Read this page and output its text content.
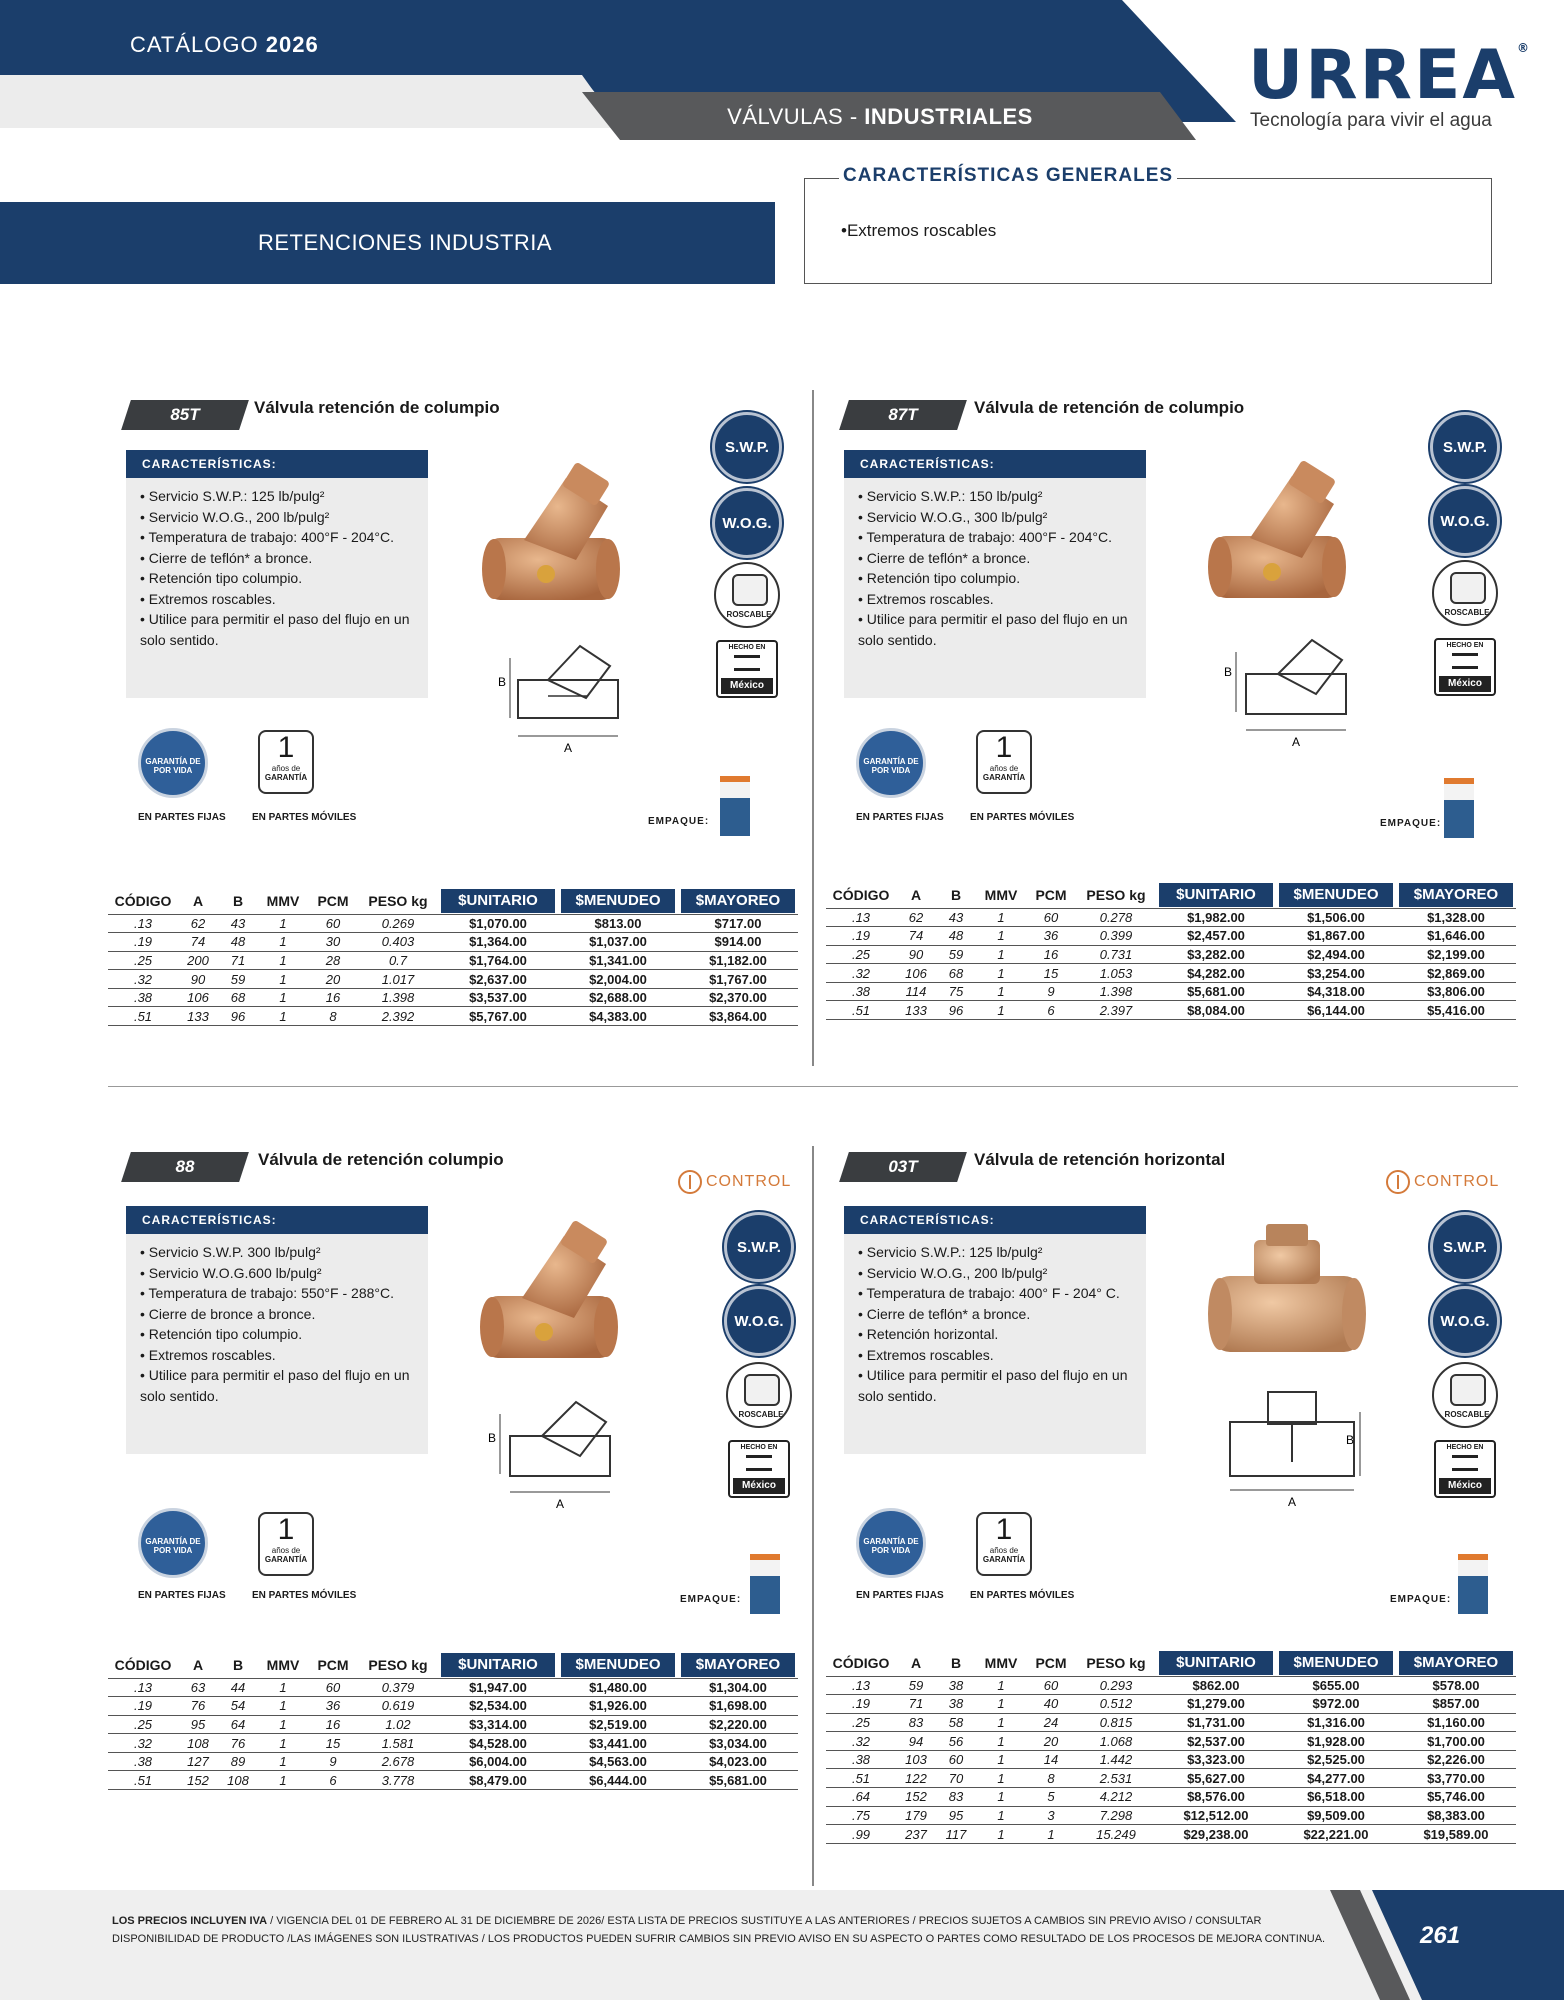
CATÁLOGO 2026
VÁLVULAS - INDUSTRIALES
URREA®
Tecnología para vivir el agua
RETENCIONES INDUSTRIA
CARACTERÍSTICAS GENERALES
•Extremos roscables
85T	Válvula retención de columpio
CARACTERÍSTICAS:
• Servicio S.W.P.: 125 lb/pulg²
• Servicio W.O.G., 200 lb/pulg²
• Temperatura de trabajo: 400°F - 204°C.
• Cierre de teflón* a bronce.
• Retención tipo columpio.
• Extremos roscables.
• Utilice para permitir el paso del flujo en un solo sentido.
B
A
S.W.P.
W.O.G.
ROSCABLE
HECHO EN
México
GARANTÍA DE POR VIDA
EN PARTES FIJAS
1
años de
GARANTÍA
EN PARTES MÓVILES	EMPAQUE:
CÓDIGO	A	B	MMV	PCM	PESO kg	$UNITARIO	$MENUDEO	$MAYOREO

.13	62	43	1	60	0.269	$1,070.00	$813.00	$717.00
.19	74	48	1	30	0.403	$1,364.00	$1,037.00	$914.00
.25	200	71	1	28	0.7	$1,764.00	$1,341.00	$1,182.00
.32	90	59	1	20	1.017	$2,637.00	$2,004.00	$1,767.00
.38	106	68	1	16	1.398	$3,537.00	$2,688.00	$2,370.00
.51	133	96	1	8	2.392	$5,767.00	$4,383.00	$3,864.00
87T	Válvula de retención de columpio
CARACTERÍSTICAS:
• Servicio S.W.P.: 150 lb/pulg²
• Servicio W.O.G., 300 lb/pulg²
• Temperatura de trabajo: 400°F - 204°C.
• Cierre de teflón* a bronce.
• Retención tipo columpio.
• Extremos roscables.
• Utilice para permitir el paso del flujo en un solo sentido.
B
A
S.W.P.
W.O.G.
ROSCABLE
HECHO EN
México
GARANTÍA DE POR VIDA
EN PARTES FIJAS
1
años de
GARANTÍA
EN PARTES MÓVILES
EMPAQUE:
CÓDIGO	A	B	MMV	PCM	PESO kg	$UNITARIO	$MENUDEO	$MAYOREO

.13	62	43	1	60	0.278	$1,982.00	$1,506.00	$1,328.00
.19	74	48	1	36	0.399	$2,457.00	$1,867.00	$1,646.00
.25	90	59	1	16	0.731	$3,282.00	$2,494.00	$2,199.00
.32	106	68	1	15	1.053	$4,282.00	$3,254.00	$2,869.00
.38	114	75	1	9	1.398	$5,681.00	$4,318.00	$3,806.00
.51	133	96	1	6	2.397	$8,084.00	$6,144.00	$5,416.00
88	Válvula de retención columpio
CONTROL
CARACTERÍSTICAS:
• Servicio S.W.P. 300 lb/pulg²
• Servicio W.O.G.600 lb/pulg²
• Temperatura de trabajo: 550°F - 288°C.
• Cierre de bronce a bronce.
• Retención tipo columpio.
• Extremos roscables.
• Utilice para permitir el paso del flujo en un solo sentido.
B
A
S.W.P.
W.O.G.
ROSCABLE
HECHO EN
México
GARANTÍA DE POR VIDA
EN PARTES FIJAS
1
años de
GARANTÍA
EN PARTES MÓVILES	EMPAQUE:
CÓDIGO	A	B	MMV	PCM	PESO kg	$UNITARIO	$MENUDEO	$MAYOREO

.13	63	44	1	60	0.379	$1,947.00	$1,480.00	$1,304.00
.19	76	54	1	36	0.619	$2,534.00	$1,926.00	$1,698.00
.25	95	64	1	16	1.02	$3,314.00	$2,519.00	$2,220.00
.32	108	76	1	15	1.581	$4,528.00	$3,441.00	$3,034.00
.38	127	89	1	9	2.678	$6,004.00	$4,563.00	$4,023.00
.51	152	108	1	6	3.778	$8,479.00	$6,444.00	$5,681.00
03T	Válvula de retención horizontal
CONTROL
CARACTERÍSTICAS:
• Servicio S.W.P.: 125 lb/pulg²
• Servicio W.O.G., 200 lb/pulg²
• Temperatura de trabajo: 400° F - 204° C.
• Cierre de teflón* a bronce.
• Retención horizontal.
• Extremos roscables.
• Utilice para permitir el paso del flujo en un solo sentido.
B
A
S.W.P.
W.O.G.
ROSCABLE
HECHO EN
México
GARANTÍA DE POR VIDA
EN PARTES FIJAS
1
años de
GARANTÍA
EN PARTES MÓVILES	EMPAQUE:
CÓDIGO	A	B	MMV	PCM	PESO kg	$UNITARIO	$MENUDEO	$MAYOREO

.13	59	38	1	60	0.293	$862.00	$655.00	$578.00
.19	71	38	1	40	0.512	$1,279.00	$972.00	$857.00
.25	83	58	1	24	0.815	$1,731.00	$1,316.00	$1,160.00
.32	94	56	1	20	1.068	$2,537.00	$1,928.00	$1,700.00
.38	103	60	1	14	1.442	$3,323.00	$2,525.00	$2,226.00
.51	122	70	1	8	2.531	$5,627.00	$4,277.00	$3,770.00
.64	152	83	1	5	4.212	$8,576.00	$6,518.00	$5,746.00
.75	179	95	1	3	7.298	$12,512.00	$9,509.00	$8,383.00
.99	237	117	1	1	15.249	$29,238.00	$22,221.00	$19,589.00
LOS PRECIOS INCLUYEN IVA / VIGENCIA DEL 01 DE FEBRERO AL 31 DE DICIEMBRE DE 2026/ ESTA LISTA DE PRECIOS SUSTITUYE A LAS ANTERIORES / PRECIOS SUJETOS A CAMBIOS SIN PREVIO AVISO / CONSULTAR DISPONIBILIDAD DE PRODUCTO /LAS IMÁGENES SON ILUSTRATIVAS / LOS PRODUCTOS PUEDEN SUFRIR CAMBIOS SIN PREVIO AVISO EN SU ASPECTO O PARTES COMO RESULTADO DE LOS PROCESOS DE MEJORA CONTINUA.	261
